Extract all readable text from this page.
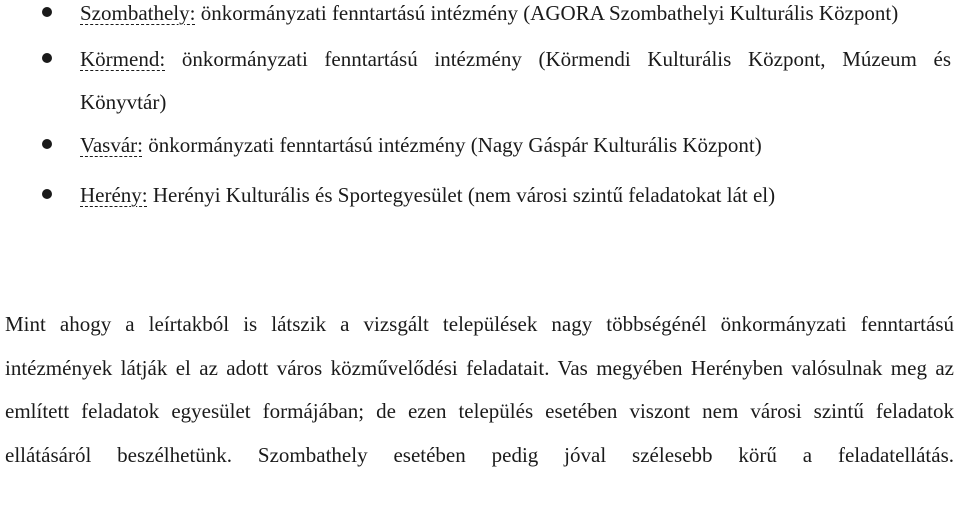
Szombathely: önkormányzati fenntartású intézmény (AGORA Szombathelyi Kulturális Központ)
Körmend: önkormányzati fenntartású intézmény (Körmendi Kulturális Központ, Múzeum és Könyvtár)
Vasvár: önkormányzati fenntartású intézmény (Nagy Gáspár Kulturális Központ)
Herény: Herényi Kulturális és Sportegyesület (nem városi szintű feladatokat lát el)

Mint ahogy a leírtakból is látszik a vizsgált települések nagy többségénél önkormányzati fenntartású intézmények látják el az adott város közművelődési feladatait. Vas megyében Herényben valósulnak meg az említett feladatok egyesület formájában; de ezen település esetében viszont nem városi szintű feladatok ellátásáról beszélhetünk. Szombathely esetében pedig jóval szélesebb körű a feladatellátás.
